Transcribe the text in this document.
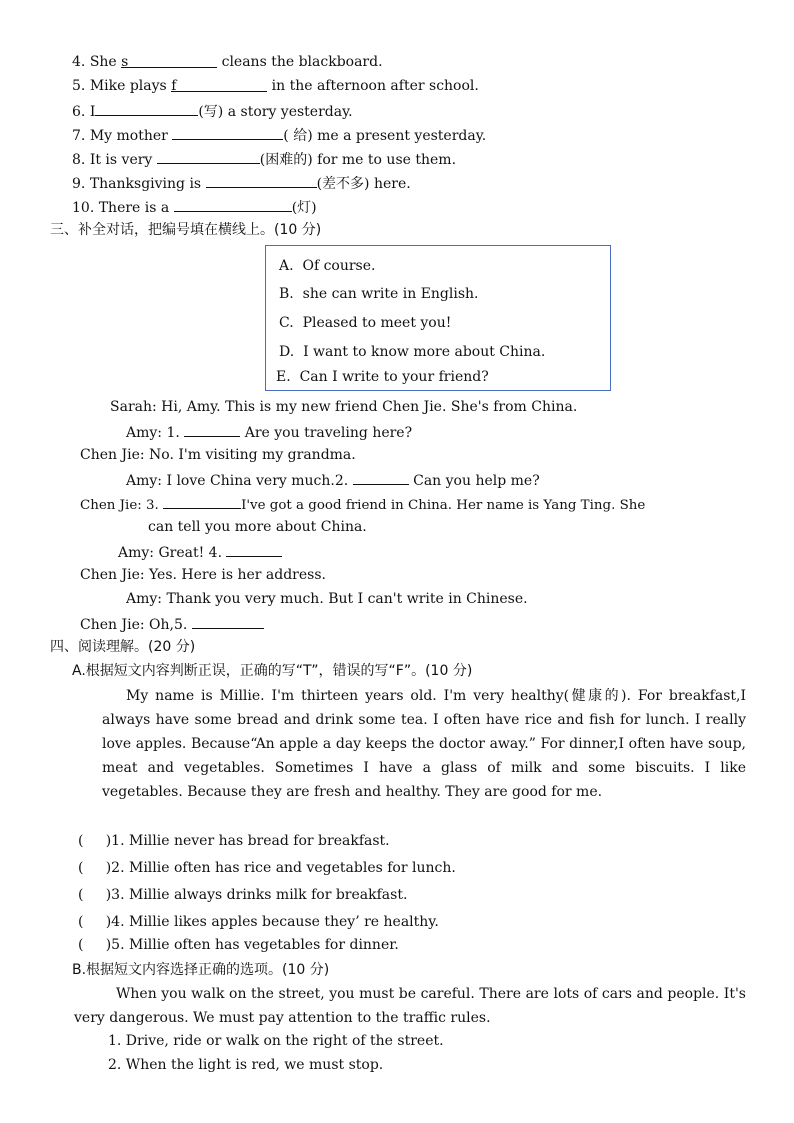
4. She s	cleans the blackboard.
5. Mike plays f	in the afternoon after school.
6. I	(写) a story yesterday.
7. My mother	( 给) me a present yesterday.
8. It is very	(困难的) for me to use them.
9. Thanksgiving is	(差不多) here.
10. There is a	(灯)
三、补全对话，把编号填在横线上。(10 分)
A.  Of course.
B.  she can write in English.
C.  Pleased to meet you!
D.  I want to know more about China.
E.  Can I write to your friend?
Sarah: Hi, Amy. This is my new friend Chen Jie. She's from China.
Amy: 1.	Are you traveling here?
Chen Jie: No. I'm visiting my grandma.
Amy: I love China very much.2.	Can you help me?
Chen Jie: 3.	I've got a good friend in China. Her name is Yang Ting. She
can tell you more about China.
Amy: Great! 4.
Chen Jie: Yes. Here is her address.
Amy: Thank you very much. But I can't write in Chinese.
Chen Jie: Oh,5.
四、阅读理解。(20 分)
A.根据短文内容判断正误，正确的写“T”，错误的写“F”。(10 分)
My name is Millie. I'm thirteen years old. I'm very healthy(健康的). For breakfast,I always have some bread and drink some tea. I often have rice and fish for lunch. I really love apples. Because“An apple a day keeps the doctor away.” For dinner,I often have soup, meat and vegetables. Sometimes I have a glass of milk and some biscuits. I like vegetables. Because they are fresh and healthy. They are good for me.
(     )1. Millie never has bread for breakfast.
(     )2. Millie often has rice and vegetables for lunch.
(     )3. Millie always drinks milk for breakfast.
(     )4. Millie likes apples because they’ re healthy.
(     )5. Millie often has vegetables for dinner.
B.根据短文内容选择正确的选项。(10 分)
When you walk on the street, you must be careful. There are lots of cars and people. It's very dangerous. We must pay attention to the traffic rules.
1. Drive, ride or walk on the right of the street.
2. When the light is red, we must stop.
